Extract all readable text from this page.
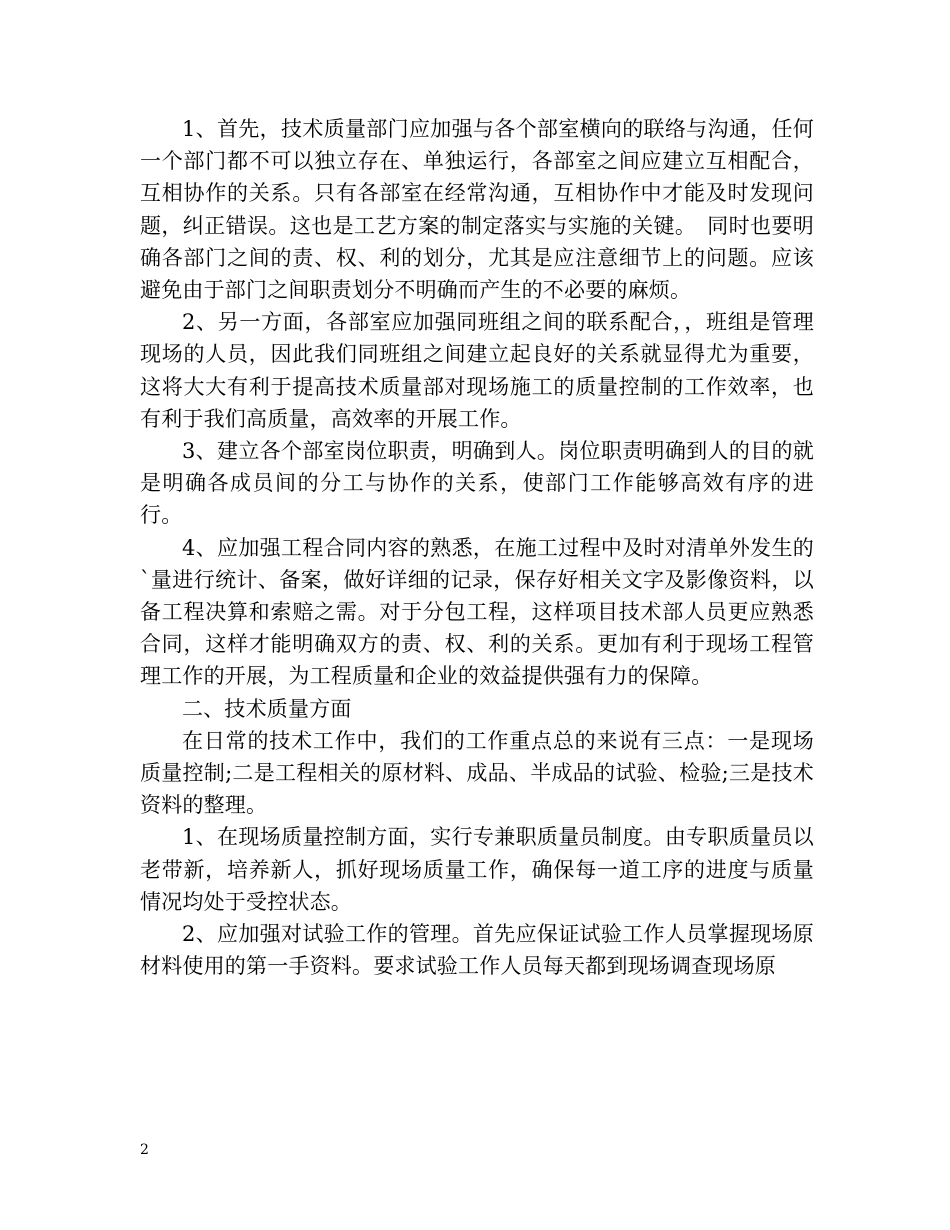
1、首先，技术质量部门应加强与各个部室横向的联络与沟通，任何一个部门都不可以独立存在、单独运行，各部室之间应建立互相配合，互相协作的关系。只有各部室在经常沟通，互相协作中才能及时发现问题，纠正错误。这也是工艺方案的制定落实与实施的关键。　同时也要明确各部门之间的责、权、利的划分，尤其是应注意细节上的问题。应该避免由于部门之间职责划分不明确而产生的不必要的麻烦。

2、另一方面，各部室应加强同班组之间的联系配合，，班组是管理现场的人员，因此我们同班组之间建立起良好的关系就显得尤为重要，这将大大有利于提高技术质量部对现场施工的质量控制的工作效率，也有利于我们高质量，高效率的开展工作。

3、建立各个部室岗位职责，明确到人。岗位职责明确到人的目的就是明确各成员间的分工与协作的关系，使部门工作能够高效有序的进行。

4、应加强工程合同内容的熟悉，在施工过程中及时对清单外发生的`量进行统计、备案，做好详细的记录，保存好相关文字及影像资料，以备工程决算和索赔之需。对于分包工程，这样项目技术部人员更应熟悉合同，这样才能明确双方的责、权、利的关系。更加有利于现场工程管理工作的开展，为工程质量和企业的效益提供强有力的保障。

二、技术质量方面

在日常的技术工作中，我们的工作重点总的来说有三点：一是现场质量控制;二是工程相关的原材料、成品、半成品的试验、检验;三是技术资料的整理。

1、在现场质量控制方面，实行专兼职质量员制度。由专职质量员以老带新，培养新人，抓好现场质量工作，确保每一道工序的进度与质量情况均处于受控状态。

2、应加强对试验工作的管理。首先应保证试验工作人员掌握现场原材料使用的第一手资料。要求试验工作人员每天都到现场调查现场原

2
